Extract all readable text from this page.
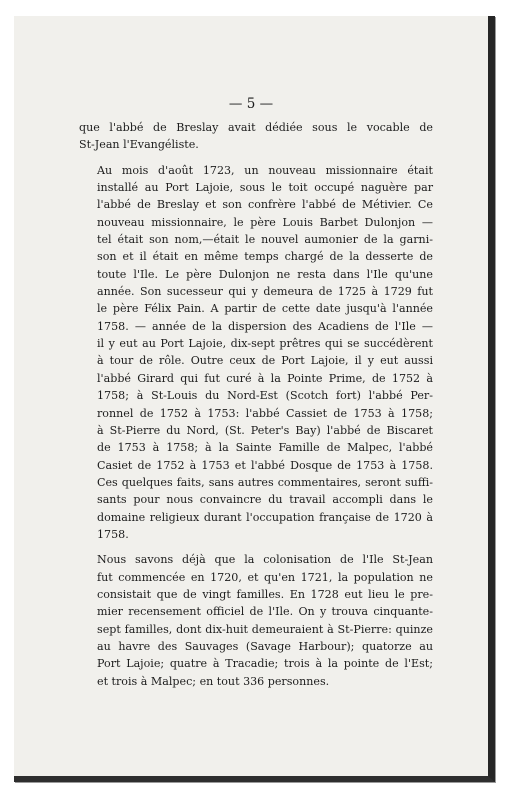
— 5 —

que l'abbé de Breslay avait dédiée sous le vocable de
St-Jean l'Evangéliste.

Au mois d'août 1723, un nouveau missionnaire était
installé au Port Lajoie, sous le toit occupé naguère par
l'abbé de Breslay et son confrère l'abbé de Métivier. Ce
nouveau missionnaire, le père Louis Barbet Dulonjon —
tel était son nom,—était le nouvel aumonier de la garni-
son et il était en même temps chargé de la desserte de
toute l'Ile. Le père Dulonjon ne resta dans l'Ile qu'une
année. Son sucesseur qui y demeura de 1725 à 1729 fut
le père Félix Pain. A partir de cette date jusqu'à l'année
1758. — année de la dispersion des Acadiens de l'Ile —
il y eut au Port Lajoie, dix-sept prêtres qui se succédèrent
à tour de rôle. Outre ceux de Port Lajoie, il y eut aussi
l'abbé Girard qui fut curé à la Pointe Prime, de 1752 à
1758; à St-Louis du Nord-Est (Scotch fort) l'abbé Per-
ronnel de 1752 à 1753: l'abbé Cassiet de 1753 à 1758;
à St-Pierre du Nord, (St. Peter's Bay) l'abbé de Biscaret
de 1753 à 1758; à la Sainte Famille de Malpec, l'abbé
Casiet de 1752 à 1753 et l'abbé Dosque de 1753 à 1758.
Ces quelques faits, sans autres commentaires, seront suffi-
sants pour nous convaincre du travail accompli dans le
domaine religieux durant l'occupation française de 1720 à
1758.

Nous savons déjà que la colonisation de l'Ile St-Jean
fut commencée en 1720, et qu'en 1721, la population ne
consistait que de vingt familles. En 1728 eut lieu le pre-
mier recensement officiel de l'Ile. On y trouva cinquante-
sept familles, dont dix-huit demeuraient à St-Pierre: quinze
au havre des Sauvages (Savage Harbour); quatorze au
Port Lajoie; quatre à Tracadie; trois à la pointe de l'Est;
et trois à Malpec; en tout 336 personnes.
